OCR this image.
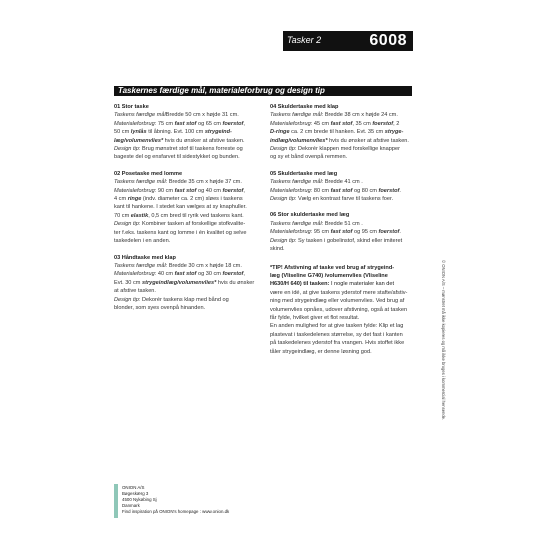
Tasker 2	6008
Taskernes færdige mål, materialeforbrug og design tip
01 Stor taske
Taskens færdige målBredde 50 cm x højde 31 cm.
Materialeforbrug: 75 cm fast stof og 65 cm foerstof,
50 cm lynlås til åbning. Evt. 100 cm strygeind-
læg/volumenvlies* hvis du ønsker at afstive tasken.
Design tip: Brug mønstret stof til taskens forreste og
bageste del og ensfarvet til sidestykket og bunden.
02 Posetaske med lomme
Taskens færdige mål: Bredde 35 cm x højde 37 cm.
Materialeforbrug: 90 cm fast stof og 40 cm foerstof,
4 cm ringe (indv. diameter ca. 2 cm) sløes i taskens
kant til hankene. I stedet kan vælges at sy knaphuller.
70 cm elastik, 0,5 cm bred til ryrik ved taskens kant.
Design tip: Kombiner tasken af forskellige stofkvalite-
ter f.eks. taskens kant og lomme i én kvalitet og selve
taskedelen i en anden.
03 Håndtaske med klap
Taskens færdige mål: Bredde 30 cm x højde 18 cm.
Materialeforbrug: 40 cm fast stof og 30 cm foerstof,
Evt. 30 cm strygeindlæg/volumenvlies* hvis du ønsker
at afstive tasken.
Design tip: Dekorér taskens klap med bånd og
blonder, som syes ovenpå hinanden.
04 Skuldertaske med klap
Taskens færdige mål: Bredde 38 cm x højde 24 cm.
Materialeforbrug: 45 cm fast stof, 35 cm foerstof, 2
D-ringe ca. 2 cm brede til hanken. Evt. 35 cm stryge-
indlæg/volumenvlies* hvis du ønsker at afstive tasken.
Design tip: Dekorér klappen med forskellige knapper
og sy et bånd ovenpå remmen.
05 Skuldertaske med læg
Taskens færdige mål: Bredde 41 cm .
Materialeforbrug: 80 cm fast stof og 80 cm foerstof.
Design tip: Vælg en kontrast farve til taskens foer.
06 Stor skuldertaske med læg
Taskens færdige mål: Bredde 51 cm .
Materialeforbrug: 95 cm fast stof og 95 cm foerstof.
Design tip: Sy tasken i gobelinstof, skind eller imiteret
skind.
*TIP! Afstivning af taske ved brug af strygeind-
læg (Vliseline G740) /volumenvlies (Vliseline
H630/H 640) til tasken: I nogle materialer kan det
være en idé, at give taskens yderstof mere stafte/afstiv-
ning med strygeindlæg eller volumenvlies. Ved brug af
volumenvlies opnåes, udover afstivning, også at tasken
får fylde, hvilket giver et flot resultat.
En anden mulighed for at give tasken fylde: Klip et lag
plastevat i taskedelenes størrelse, sy det fast i kanten
på taskedelenes yderstof fra vrangen. Hvis stoffet ikke
tåler strygeindlæg, er denne løsning god.
ONION A/S
Bøgeskærg 3
4500 Nykøbing Sj
Danmark
Find inspiration på ONION's homepage : www.onion.dk
© ONION A/S – mønstret må ikke kopieres og må ikke bruges i kommercial hensende.
